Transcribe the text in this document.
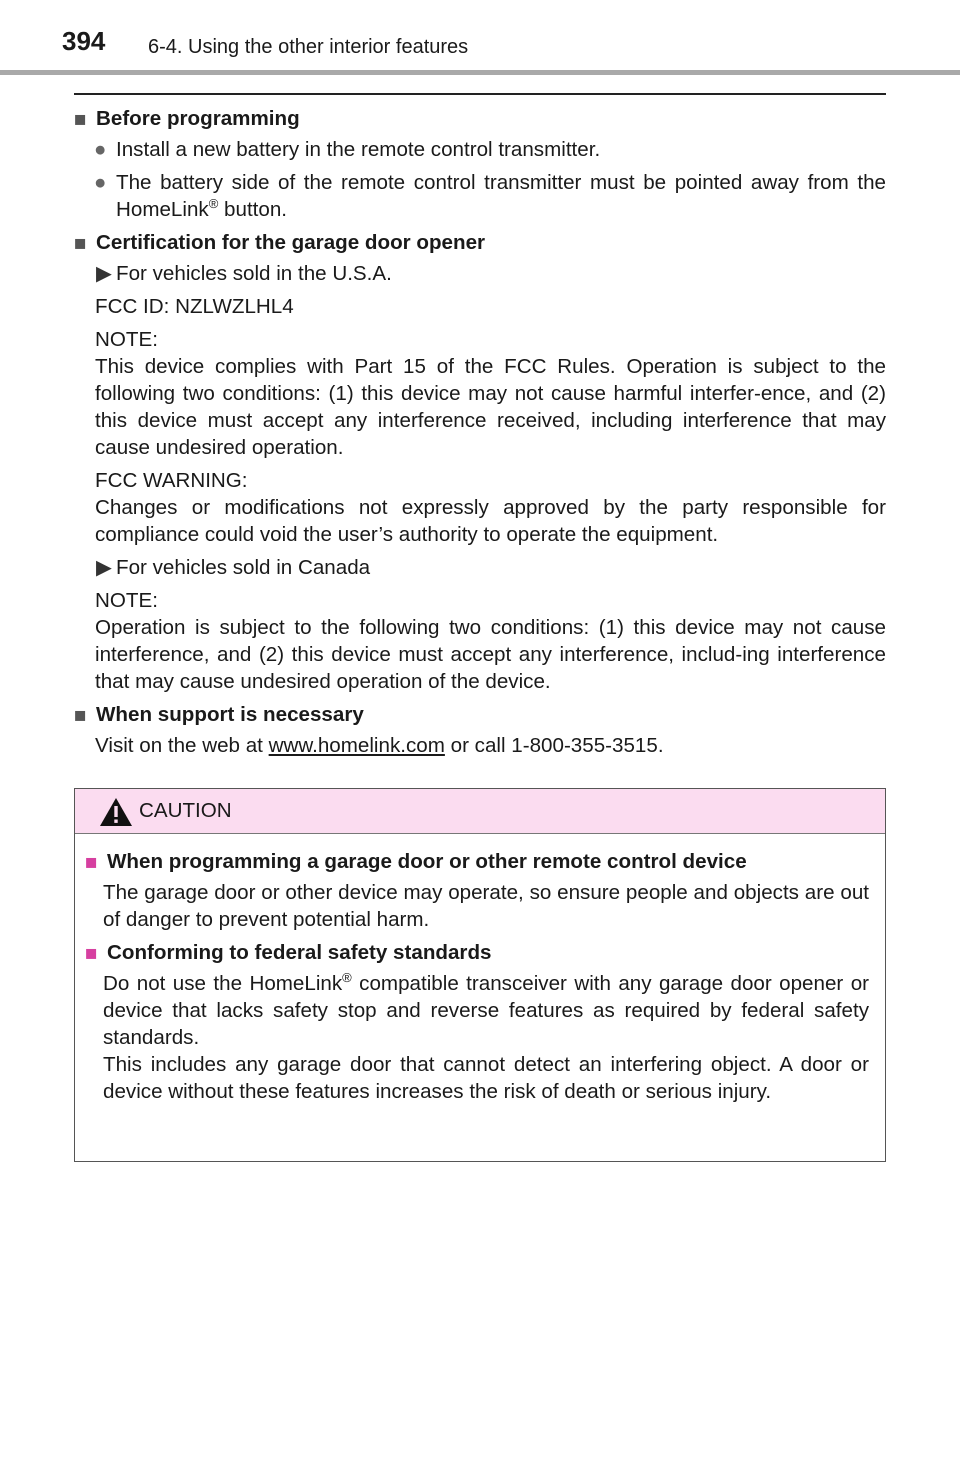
394 6-4. Using the other interior features
■ Before programming
● Install a new battery in the remote control transmitter.
● The battery side of the remote control transmitter must be pointed away from the HomeLink® button.
■ Certification for the garage door opener
▶ For vehicles sold in the U.S.A.
FCC ID: NZLWZLHL4

NOTE:

This device complies with Part 15 of the FCC Rules. Operation is subject to the following two conditions: (1) this device may not cause harmful interfer-ence, and (2) this device must accept any interference received, including interference that may cause undesired operation.

FCC WARNING:

Changes or modifications not expressly approved by the party responsible for compliance could void the user’s authority to operate the equipment.

▶ For vehicles sold in Canada

NOTE:

Operation is subject to the following two conditions: (1) this device may not cause interference, and (2) this device must accept any interference, includ-ing interference that may cause undesired operation of the device.

■ When support is necessary
Visit on the web at www.homelink.com or call 1-800-355-3515.
CAUTION
■ When programming a garage door or other remote control device
The garage door or other device may operate, so ensure people and objects are out of danger to prevent potential harm.
■ Conforming to federal safety standards

Do not use the HomeLink® compatible transceiver with any garage door opener or device that lacks safety stop and reverse features as required by federal safety standards.

This includes any garage door that cannot detect an interfering object. A door or device without these features increases the risk of death or serious injury.
